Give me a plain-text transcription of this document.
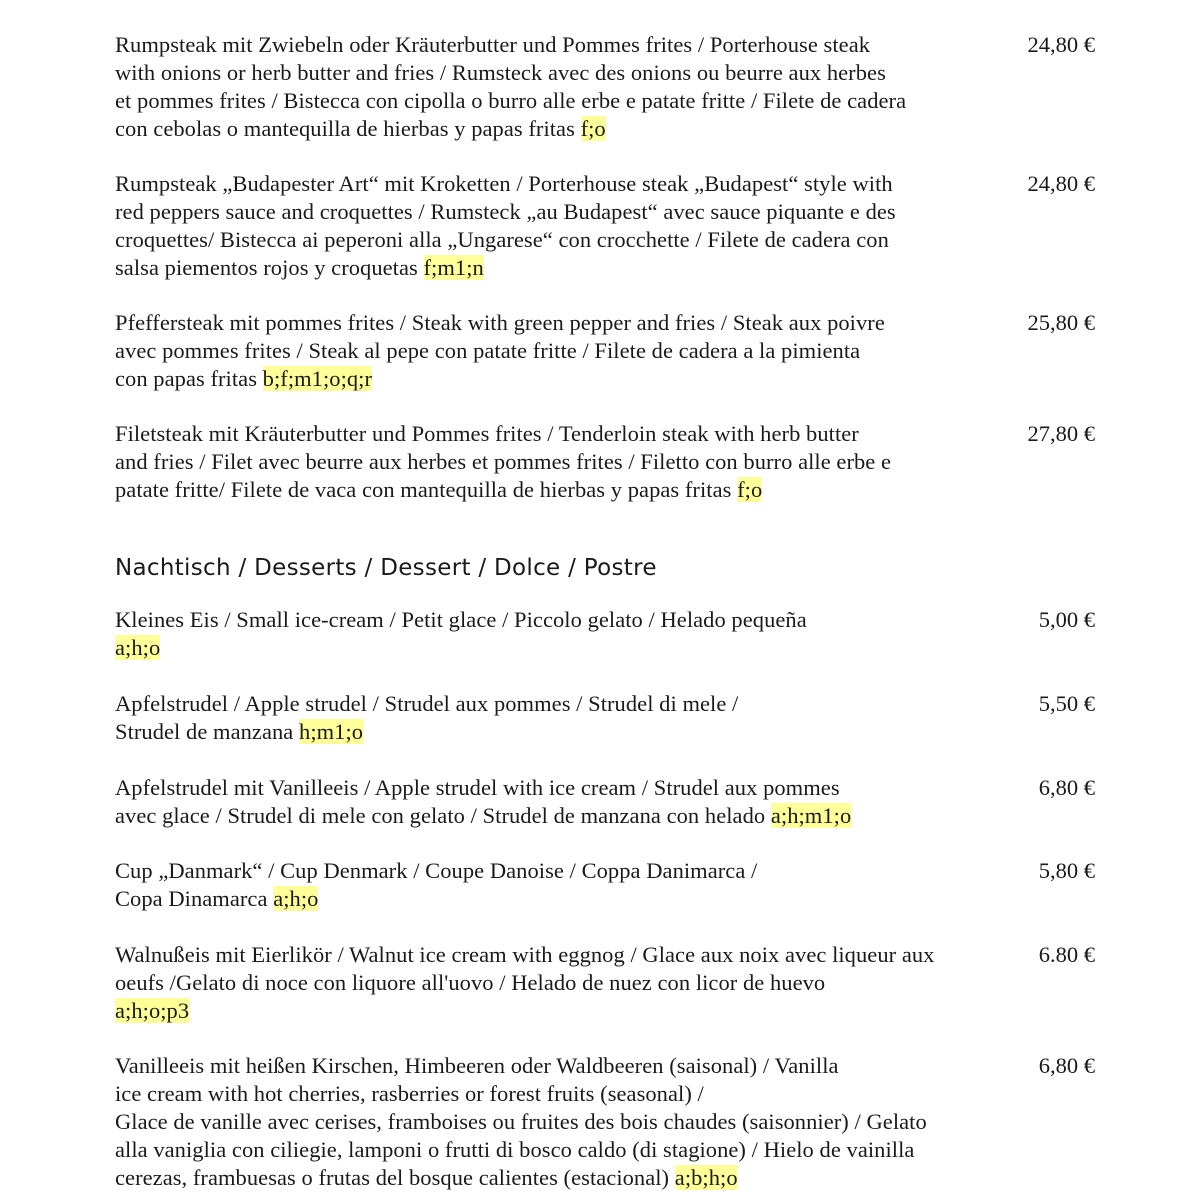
Rumpsteak mit Zwiebeln oder Kräuterbutter und Pommes frites / Porterhouse steak
with onions or herb butter and fries / Rumsteck avec des onions ou beurre aux herbes
et pommes frites / Bistecca con cipolla o burro alle erbe e patate fritte / Filete de cadera
con cebolas o mantequilla de hierbas y papas fritas f;o
24,80 €
Rumpsteak „Budapester Art“ mit Kroketten / Porterhouse steak „Budapest“ style with
red peppers sauce and croquettes / Rumsteck „au Budapest“ avec sauce piquante e des
croquettes/ Bistecca ai peperoni alla „Ungarese“ con crocchette / Filete de cadera con
salsa piementos rojos y croquetas f;m1;n
24,80 €
Pfeffersteak mit pommes frites / Steak with green pepper and fries / Steak aux poivre
avec pommes frites / Steak al pepe con patate fritte / Filete de cadera a la pimienta
con papas fritas b;f;m1;o;q;r
25,80 €
Filetsteak mit Kräuterbutter und Pommes frites / Tenderloin steak with herb butter
and fries / Filet avec beurre aux herbes et pommes frites / Filetto con burro alle erbe e
patate fritte/ Filete de vaca con mantequilla de hierbas y papas fritas f;o
27,80 €
Nachtisch / Desserts / Dessert / Dolce / Postre
Kleines Eis / Small ice-cream / Petit glace / Piccolo gelato / Helado pequeña
a;h;o
5,00 €
Apfelstrudel / Apple strudel / Strudel aux pommes / Strudel di mele /
Strudel de manzana h;m1;o
5,50 €
Apfelstrudel mit Vanilleeis / Apple strudel with ice cream / Strudel aux pommes
avec glace / Strudel di mele con gelato / Strudel de manzana con helado a;h;m1;o
6,80 €
Cup „Danmark“ / Cup Denmark / Coupe Danoise / Coppa Danimarca /
Copa Dinamarca a;h;o
5,80 €
Walnußeis mit Eierlikör / Walnut ice cream with eggnog / Glace aux noix avec liqueur aux
oeufs /Gelato di noce con liquore all'uovo / Helado de nuez con licor de huevo
a;h;o;p3
6.80 €
Vanilleeis mit heißen Kirschen, Himbeeren oder Waldbeeren (saisonal) / Vanilla
ice cream with hot cherries, rasberries or forest fruits (seasonal) /
Glace de vanille avec cerises, framboises ou fruites des bois chaudes (saisonnier) / Gelato
alla vaniglia con ciliegie, lamponi o frutti di bosco caldo (di stagione) / Hielo de vainilla
cerezas, frambuesas o frutas del bosque calientes (estacional) a;b;h;o
6,80 €
